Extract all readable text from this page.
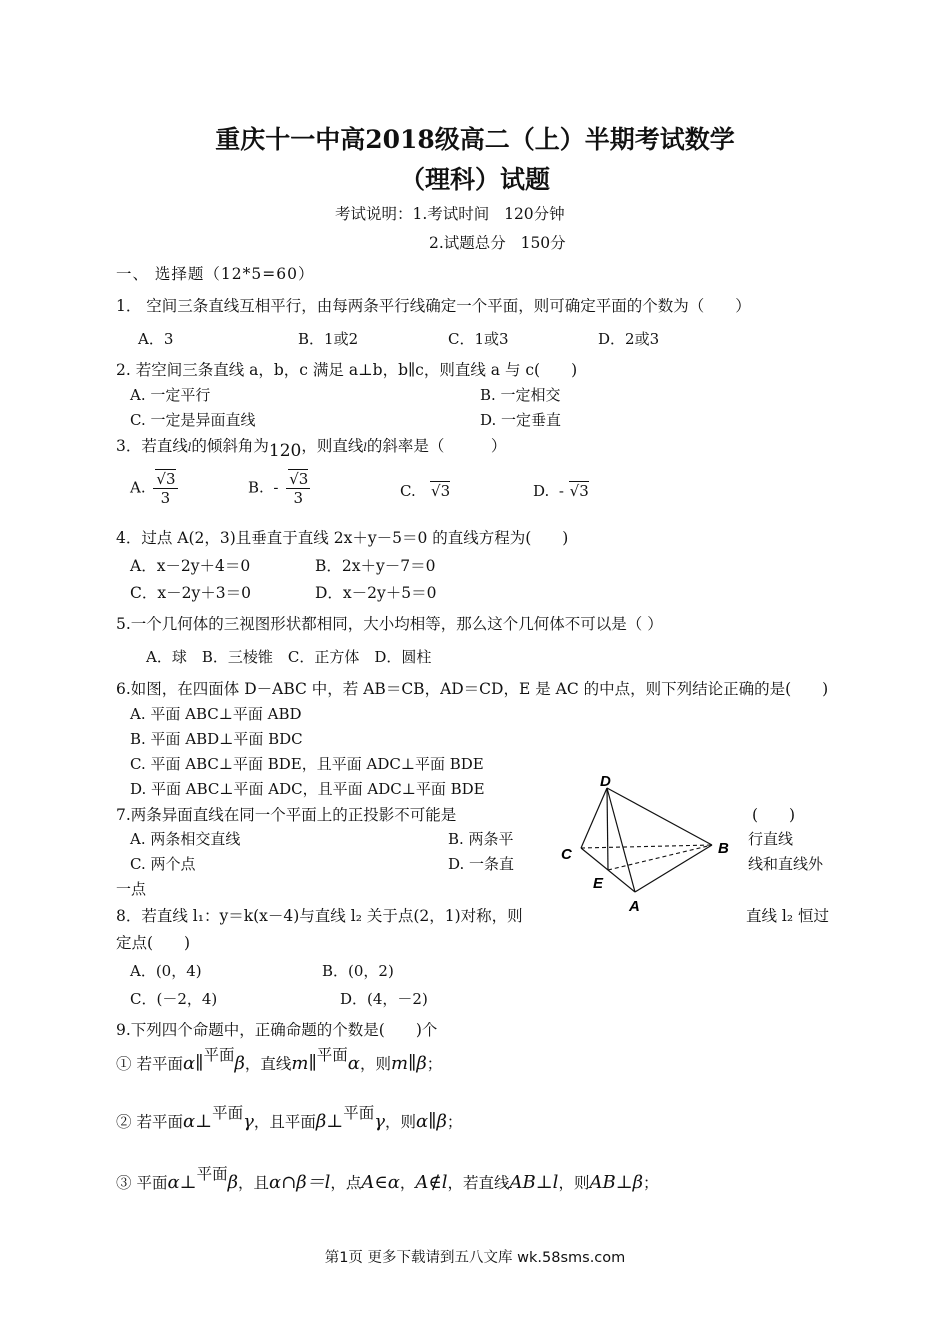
重庆十一中高2018级高二（上）半期考试数学
（理科）试题
考试说明：1.考试时间 120分钟
2.试题总分 150分
一、 选择题（12*5=60）
1． 空间三条直线互相平行，由每两条平行线确定一个平面，则可确定平面的个数为（　　）
A．3	B．1或2	C．1或3	D．2或3
2. 若空间三条直线 a，b，c 满足 a⊥b，b∥c，则直线 a 与 c(　　)
A. 一定平行	B. 一定相交
C. 一定是异面直线	D. 一定垂直
3．若直线l的倾斜角为120，则直线l的斜率是（　　　）
A. $\frac{√3}{3}$	B. - $\frac{√3}{3}$	C. √3	D. - √3
4．过点 A(2，3)且垂直于直线 2x＋y－5＝0 的直线方程为(　　)
A．x－2y＋4＝0	B．2x＋y－7＝0
C．x－2y＋3＝0	D．x－2y＋5＝0
5.一个几何体的三视图形状都相同，大小均相等，那么这个几何体不可以是（ ）
A．球　B．三棱锥　C．正方体　D．圆柱
6.如图，在四面体 D－ABC 中，若 AB＝CB，AD＝CD，E 是 AC 的中点，则下列结论正确的是(　　)
A. 平面 ABC⊥平面 ABD
B. 平面 ABD⊥平面 BDC
C. 平面 ABC⊥平面 BDE，且平面 ADC⊥平面 BDE
D. 平面 ABC⊥平面 ADC，且平面 ADC⊥平面 BDE
7.两条异面直线在同一个平面上的正投影不可能是	(　　)
A. 两条相交直线	B. 两条平	行直线
C. 两个点	D. 一条直	线和直线外
一点
D
C	B
E
A
8．若直线 l₁：y＝k(x－4)与直线 l₂ 关于点(2，1)对称，则	直线 l₂ 恒过
定点(　　)
A．(0，4)	B．(0，2)
C．(－2，4)	D．(4，－2)
9.下列四个命题中，正确命题的个数是(　　)个
① 若平面α∥平面β，直线m∥平面α，则m∥β；
② 若平面α⊥平面γ，且平面β⊥平面γ，则α∥β；
③ 平面α⊥平面β，且α∩β＝l，点A∈α，A∉l，若直线AB⊥l，则AB⊥β；
第1页 更多下载请到五八文库 wk.58sms.com
